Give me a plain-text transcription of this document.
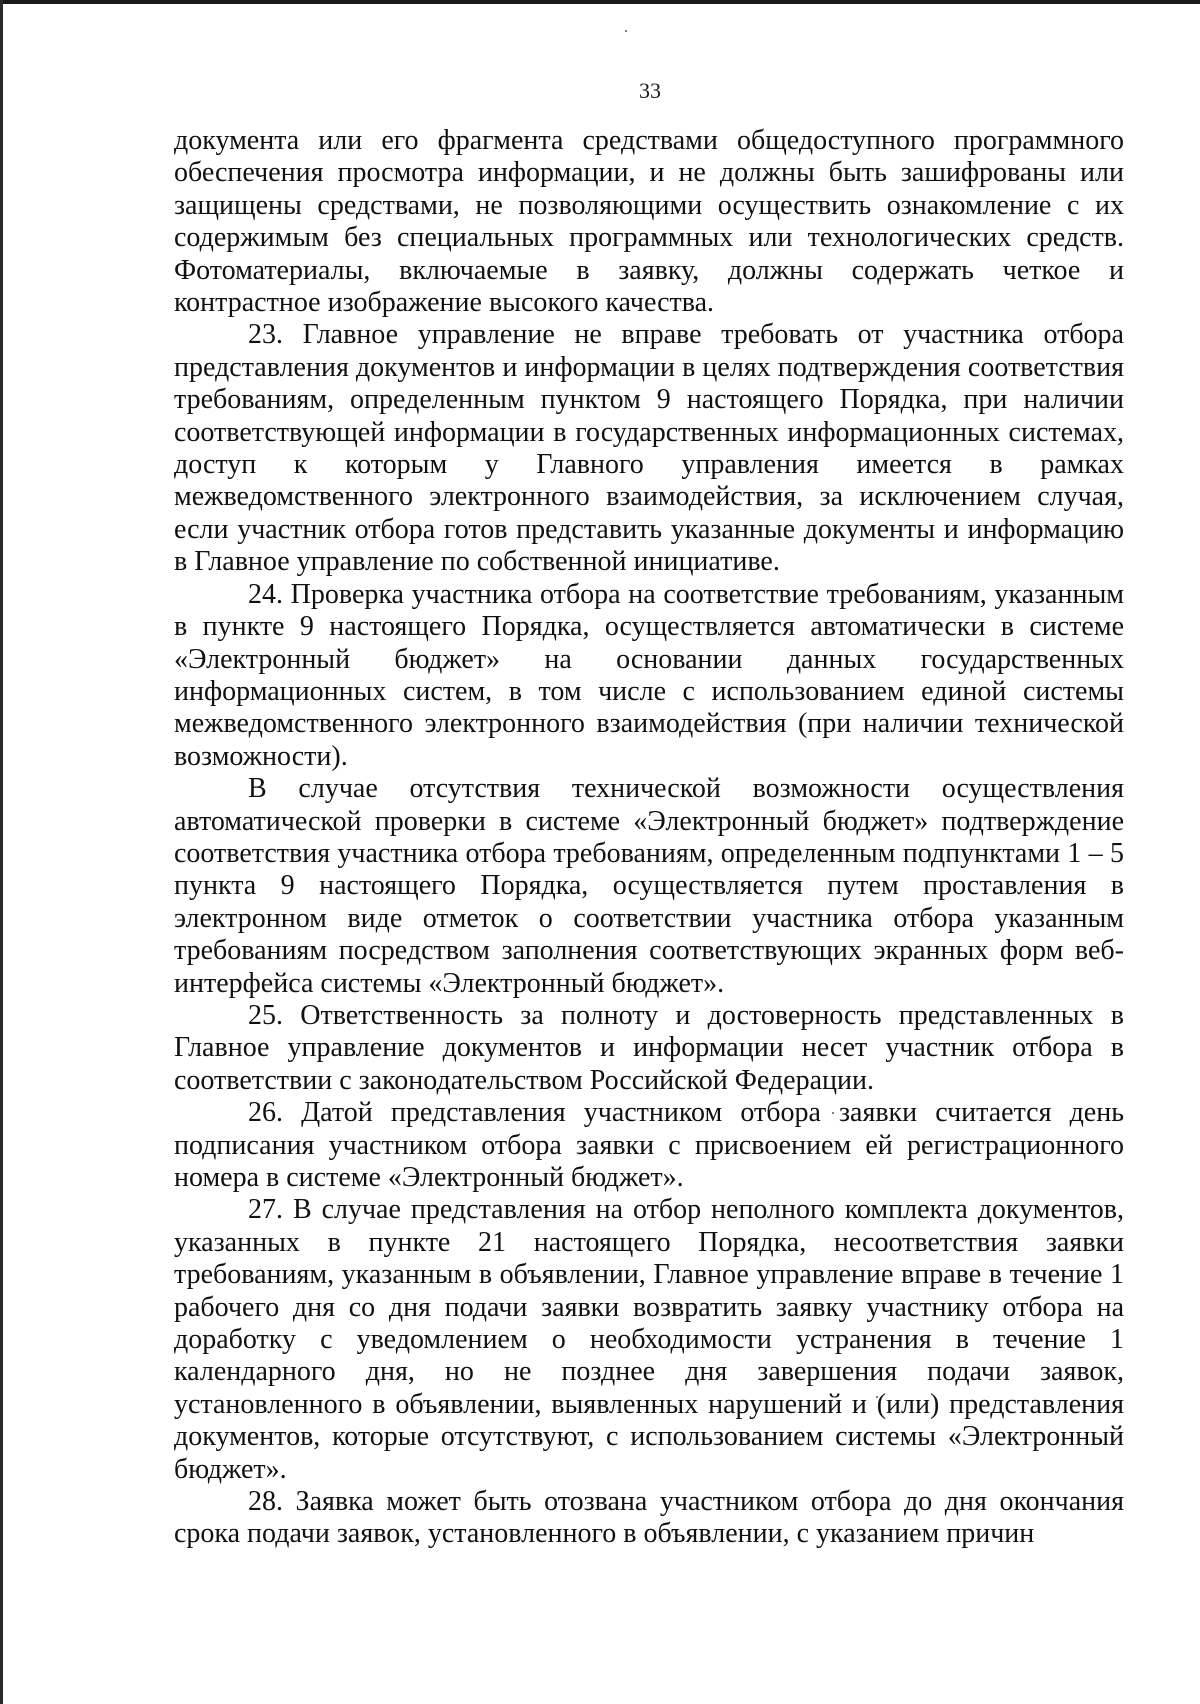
33

документа или его фрагмента средствами общедоступного программного обеспечения просмотра информации, и не должны быть зашифрованы или защищены средствами, не позволяющими осуществить ознакомление с их содержимым без специальных программных или технологических средств. Фотоматериалы, включаемые в заявку, должны содержать четкое и контрастное изображение высокого качества.

23. Главное управление не вправе требовать от участника отбора представления документов и информации в целях подтверждения соответствия требованиям, определенным пунктом 9 настоящего Порядка, при наличии соответствующей информации в государственных информационных системах, доступ к которым у Главного управления имеется в рамках межведомственного электронного взаимодействия, за исключением случая, если участник отбора готов представить указанные документы и информацию в Главное управление по собственной инициативе.

24. Проверка участника отбора на соответствие требованиям, указанным в пункте 9 настоящего Порядка, осуществляется автоматически в системе «Электронный бюджет» на основании данных государственных информационных систем, в том числе с использованием единой системы межведомственного электронного взаимодействия (при наличии технической возможности).

В случае отсутствия технической возможности осуществления автоматической проверки в системе «Электронный бюджет» подтверждение соответствия участника отбора требованиям, определенным подпунктами 1 – 5 пункта 9 настоящего Порядка, осуществляется путем проставления в электронном виде отметок о соответствии участника отбора указанным требованиям посредством заполнения соответствующих экранных форм веб-интерфейса системы «Электронный бюджет».

25. Ответственность за полноту и достоверность представленных в Главное управление документов и информации несет участник отбора в соответствии с законодательством Российской Федерации.

26. Датой представления участником отбора заявки считается день подписания участником отбора заявки с присвоением ей регистрационного номера в системе «Электронный бюджет».

27. В случае представления на отбор неполного комплекта документов, указанных в пункте 21 настоящего Порядка, несоответствия заявки требованиям, указанным в объявлении, Главное управление вправе в течение 1 рабочего дня со дня подачи заявки возвратить заявку участнику отбора на доработку с уведомлением о необходимости устранения в течение 1 календарного дня, но не позднее дня завершения подачи заявок, установленного в объявлении, выявленных нарушений и (или) представления документов, которые отсутствуют, с использованием системы «Электронный бюджет».

28. Заявка может быть отозвана участником отбора до дня окончания срока подачи заявок, установленного в объявлении, с указанием причин
